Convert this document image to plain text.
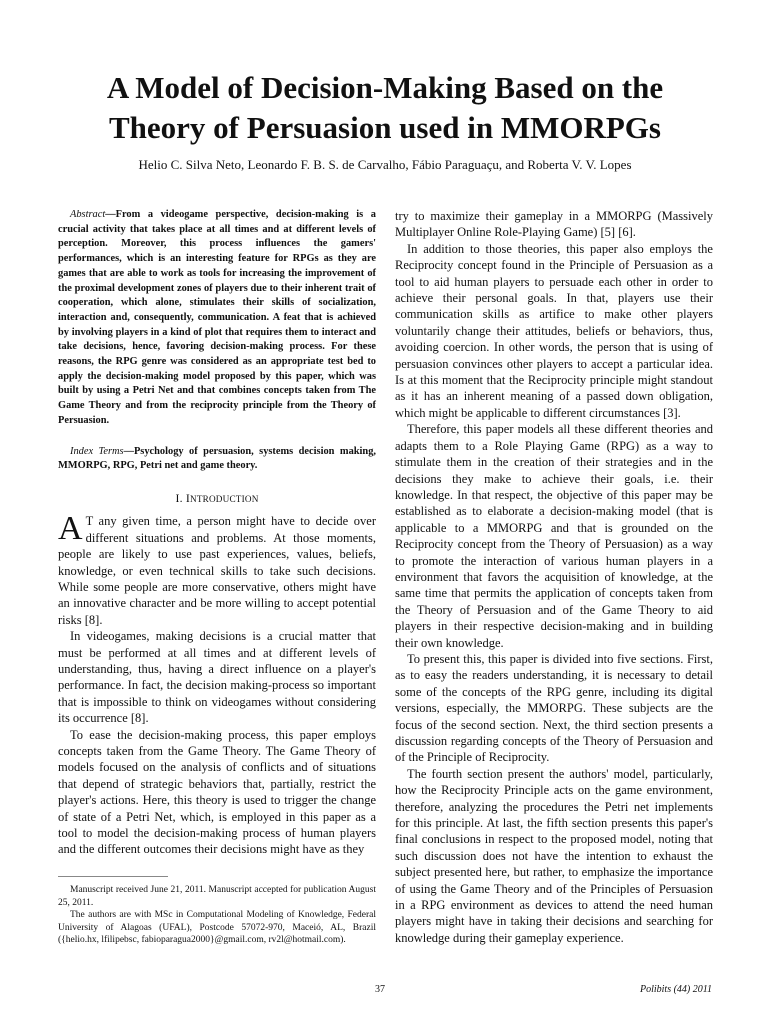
A Model of Decision-Making Based on the Theory of Persuasion used in MMORPGs
Helio C. Silva Neto, Leonardo F. B. S. de Carvalho, Fábio Paraguaçu, and Roberta V. V. Lopes

Abstract—From a videogame perspective, decision-making is a crucial activity that takes place at all times and at different levels of perception. Moreover, this process influences the gamers' performances, which is an interesting feature for RPGs as they are games that are able to work as tools for increasing the improvement of the proximal development zones of players due to their inherent trait of cooperation, which alone, stimulates their skills of socialization, interaction and, consequently, communication. A feat that is achieved by involving players in a kind of plot that requires them to interact and take decisions, hence, favoring decision-making process. For these reasons, the RPG genre was considered as an appropriate test bed to apply the decision-making model proposed by this paper, which was built by using a Petri Net and that combines concepts taken from The Game Theory and from the reciprocity principle from the Theory of Persuasion.

Index Terms—Psychology of persuasion, systems decision making, MMORPG, RPG, Petri net and game theory.

I. INTRODUCTION

A T any given time, a person might have to decide over different situations and problems. At those moments, people are likely to use past experiences, values, beliefs, knowledge, or even technical skills to take such decisions. While some people are more conservative, others might have an innovative character and be more willing to accept potential risks [8].

In videogames, making decisions is a crucial matter that must be performed at all times and at different levels of understanding, thus, having a direct influence on a player's performance. In fact, the decision making-process so important that is impossible to think on videogames without considering its occurrence [8].

To ease the decision-making process, this paper employs concepts taken from the Game Theory. The Game Theory of models focused on the analysis of conflicts and of situations that depend of strategic behaviors that, partially, restrict the player's actions. Here, this theory is used to trigger the change of state of a Petri Net, which, is employed in this paper as a tool to model the decision-making process of human players and the different outcomes their decisions might have as they

try to maximize their gameplay in a MMORPG (Massively Multiplayer Online Role-Playing Game) [5] [6].

In addition to those theories, this paper also employs the Reciprocity concept found in the Principle of Persuasion as a tool to aid human players to persuade each other in order to achieve their personal goals. In that, players use their communication skills as artifice to make other players voluntarily change their attitudes, beliefs or behaviors, thus, avoiding coercion. In other words, the person that is using of persuasion convinces other players to accept a particular idea. Is at this moment that the Reciprocity principle might standout as it has an inherent meaning of a passed down obligation, which might be applicable to different circumstances [3].

Therefore, this paper models all these different theories and adapts them to a Role Playing Game (RPG) as a way to stimulate them in the creation of their strategies and in the decisions they make to achieve their goals, i.e. their knowledge. In that respect, the objective of this paper may be established as to elaborate a decision-making model (that is applicable to a MMORPG and that is grounded on the Reciprocity concept from the Theory of Persuasion) as a way to promote the interaction of various human players in a environment that favors the acquisition of knowledge, at the same time that permits the application of concepts taken from the Theory of Persuasion and of the Game Theory to aid players in their respective decision-making and in building their own knowledge.

To present this, this paper is divided into five sections. First, as to easy the readers understanding, it is necessary to detail some of the concepts of the RPG genre, including its digital versions, especially, the MMORPG. These subjects are the focus of the second section. Next, the third section presents a discussion regarding concepts of the Theory of Persuasion and of the Principle of Reciprocity.

The fourth section present the authors' model, particularly, how the Reciprocity Principle acts on the game environment, therefore, analyzing the procedures the Petri net implements for this principle. At last, the fifth section presents this paper's final conclusions in respect to the proposed model, noting that such discussion does not have the intention to exhaust the subject presented here, but rather, to emphasize the importance of using the Game Theory and of the Principles of Persuasion in a RPG environment as devices to attend the need human players might have in taking their decisions and searching for knowledge during their gameplay experience.

Manuscript received June 21, 2011. Manuscript accepted for publication August 25, 2011.

The authors are with MSc in Computational Modeling of Knowledge, Federal University of Alagoas (UFAL), Postcode 57072-970, Maceió, AL, Brazil ({helio.hx, lfilipebsc, fabioparagua2000}@gmail.com, rv2l@hotmail.com).

37	Polibits (44) 2011
